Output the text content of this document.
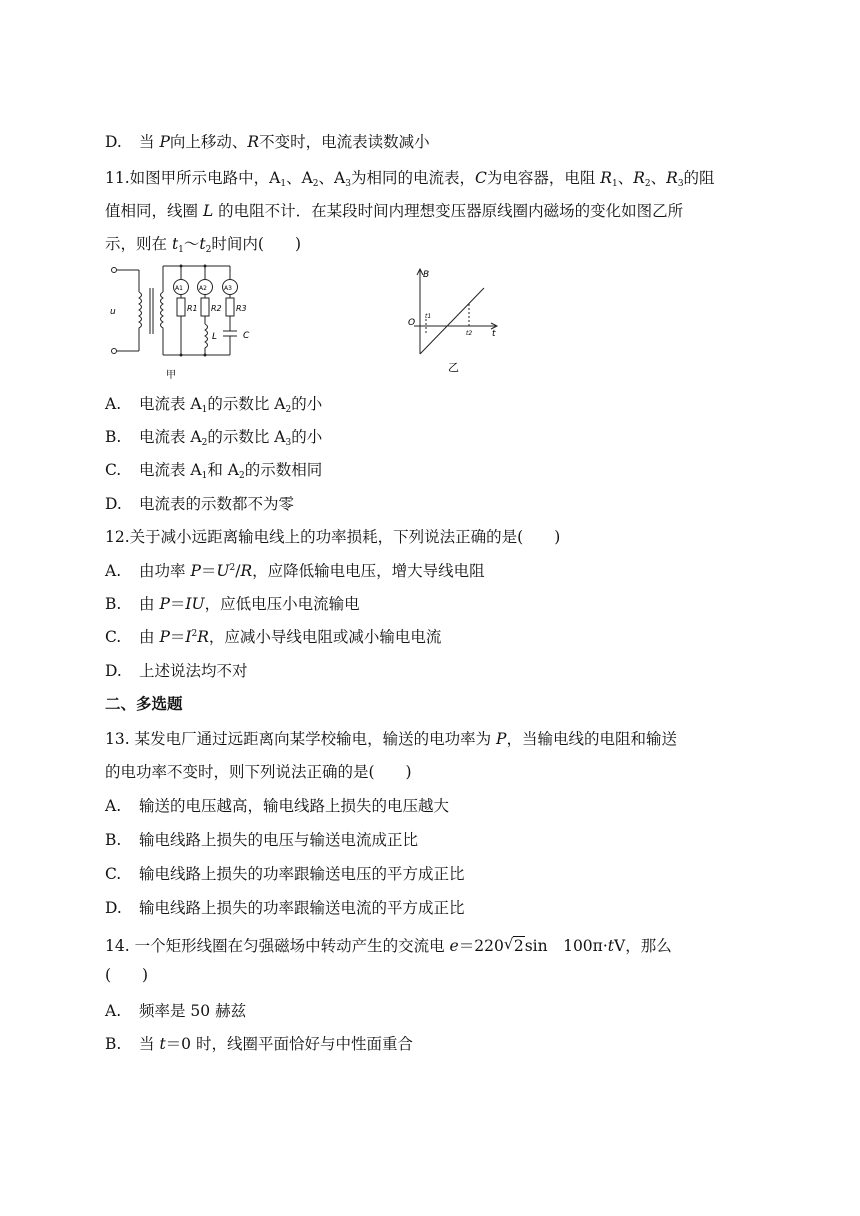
D. 当 P向上移动、R不变时，电流表读数减小
11.如图甲所示电路中，$A_1$、$A_2$、$A_3$为相同的电流表，C为电容器，电阻 $R_1$、$R_2$、$R_3$的阻
值相同，线圈 L 的电阻不计．在某段时间内理想变压器原线圈内磁场的变化如图乙所
示，则在 $t_1\sim t_2$时间内(　　)
u
A1	A2	A3
R1 R2 R3
L	C
甲
B
O
t1
t2 t
乙
A. 电流表 $A_1$的示数比 $A_2$的小
B. 电流表 $A_2$的示数比 $A_3$的小
C. 电流表 $A_1$和 $A_2$的示数相同
D. 电流表的示数都不为零
12.关于减小远距离输电线上的功率损耗，下列说法正确的是(　　)
A. 由功率 $P=U^2/R$，应降低输电电压，增大导线电阻
B. 由 P＝IU，应低电压小电流输电
C. 由 $P=I^2R$，应减小导线电阻或减小输电电流
D. 上述说法均不对
二、多选题
13. 某发电厂通过远距离向某学校输电，输送的电功率为 P，当输电线的电阻和输送
的电功率不变时，则下列说法正确的是(　　)
A. 输送的电压越高，输电线路上损失的电压越大
B. 输电线路上损失的电压与输送电流成正比
C. 输电线路上损失的功率跟输送电压的平方成正比
D. 输电线路上损失的功率跟输送电流的平方成正比
14. 一个矩形线圈在匀强磁场中转动产生的交流电 e＝220√ 2sin　100π·tV，那么
(　　)
A. 频率是 50 赫兹
B. 当 t＝0 时，线圈平面恰好与中性面重合
